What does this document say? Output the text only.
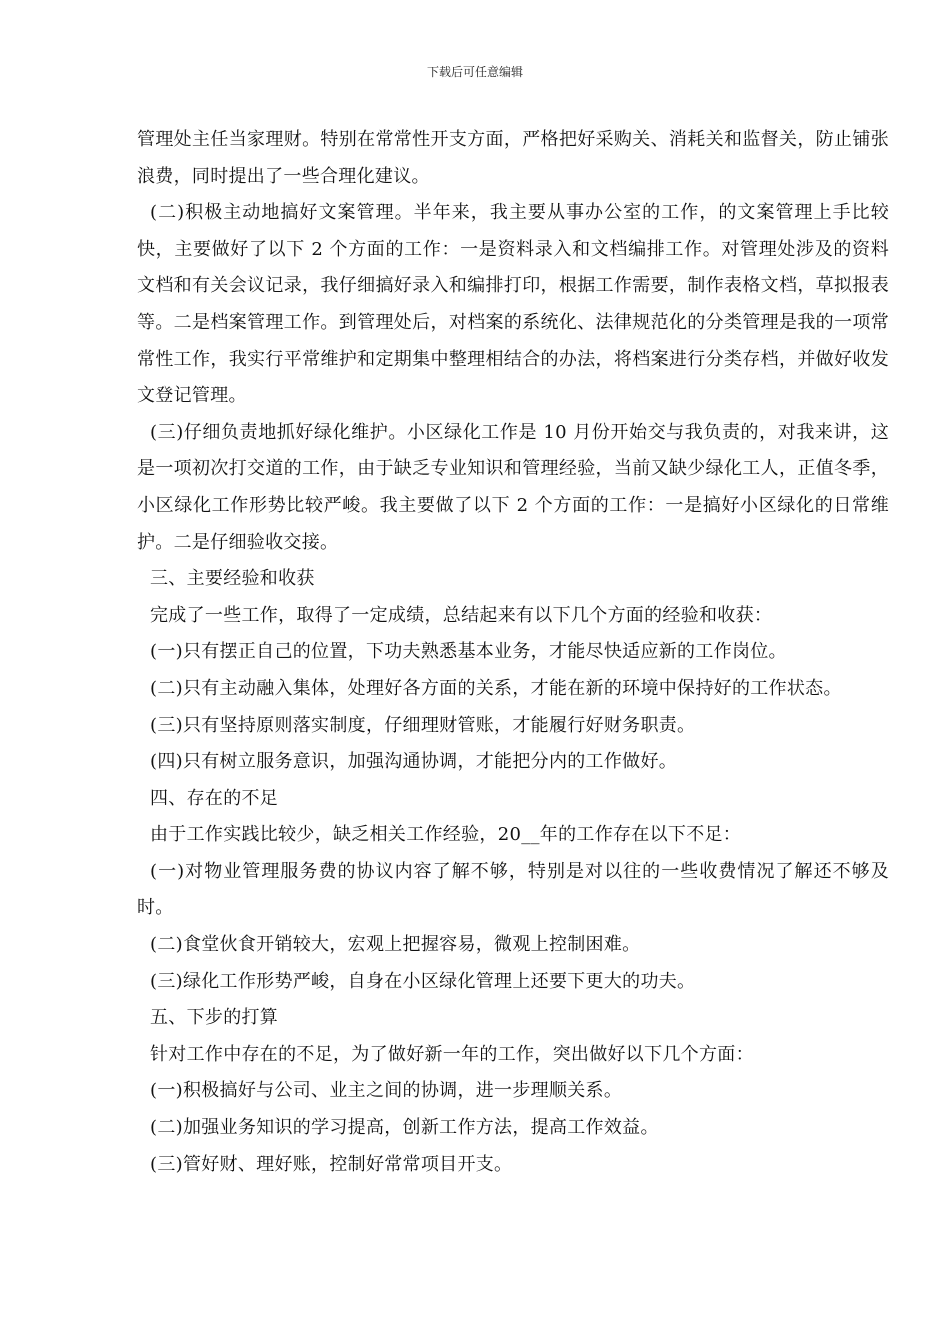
下载后可任意编辑

管理处主任当家理财。特别在常常性开支方面，严格把好采购关、消耗关和监督关，防止铺张浪费，同时提出了一些合理化建议。

(二)积极主动地搞好文案管理。半年来，我主要从事办公室的工作，的文案管理上手比较快，主要做好了以下 2 个方面的工作：一是资料录入和文档编排工作。对管理处涉及的资料文档和有关会议记录，我仔细搞好录入和编排打印，根据工作需要，制作表格文档，草拟报表等。二是档案管理工作。到管理处后，对档案的系统化、法律规范化的分类管理是我的一项常常性工作，我实行平常维护和定期集中整理相结合的办法，将档案进行分类存档，并做好收发文登记管理。

(三)仔细负责地抓好绿化维护。小区绿化工作是 10 月份开始交与我负责的，对我来讲，这是一项初次打交道的工作，由于缺乏专业知识和管理经验，当前又缺少绿化工人，正值冬季，小区绿化工作形势比较严峻。我主要做了以下 2 个方面的工作：一是搞好小区绿化的日常维护。二是仔细验收交接。

三、主要经验和收获

完成了一些工作，取得了一定成绩，总结起来有以下几个方面的经验和收获：

(一)只有摆正自己的位置，下功夫熟悉基本业务，才能尽快适应新的工作岗位。

(二)只有主动融入集体，处理好各方面的关系，才能在新的环境中保持好的工作状态。

(三)只有坚持原则落实制度，仔细理财管账，才能履行好财务职责。

(四)只有树立服务意识，加强沟通协调，才能把分内的工作做好。

四、存在的不足

由于工作实践比较少，缺乏相关工作经验，20__年的工作存在以下不足：

(一)对物业管理服务费的协议内容了解不够，特别是对以往的一些收费情况了解还不够及时。

(二)食堂伙食开销较大，宏观上把握容易，微观上控制困难。

(三)绿化工作形势严峻，自身在小区绿化管理上还要下更大的功夫。

五、下步的打算

针对工作中存在的不足，为了做好新一年的工作，突出做好以下几个方面：

(一)积极搞好与公司、业主之间的协调，进一步理顺关系。

(二)加强业务知识的学习提高，创新工作方法，提高工作效益。

(三)管好财、理好账，控制好常常项目开支。
